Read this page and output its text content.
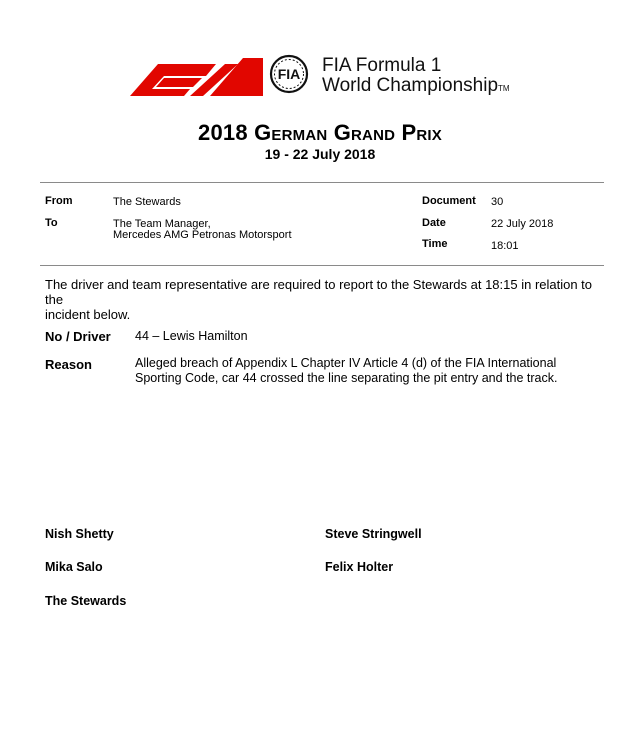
FIA FIA Formula 1
World ChampionshipTM
2018 German Grand Prix
19 - 22 July 2018
From	The Stewards
To	The Team Manager,
Mercedes AMG Petronas Motorsport
Document 30
Date	22 July 2018
Time	18:01
The driver and team representative are required to report to the Stewards at 18:15 in relation to the
incident below.
No / Driver 44 – Lewis Hamilton
Reason	Alleged breach of Appendix L Chapter IV Article 4 (d) of the FIA International
Sporting Code, car 44 crossed the line separating the pit entry and the track.
Nish Shetty	Steve Stringwell
Mika Salo	Felix Holter
The Stewards
